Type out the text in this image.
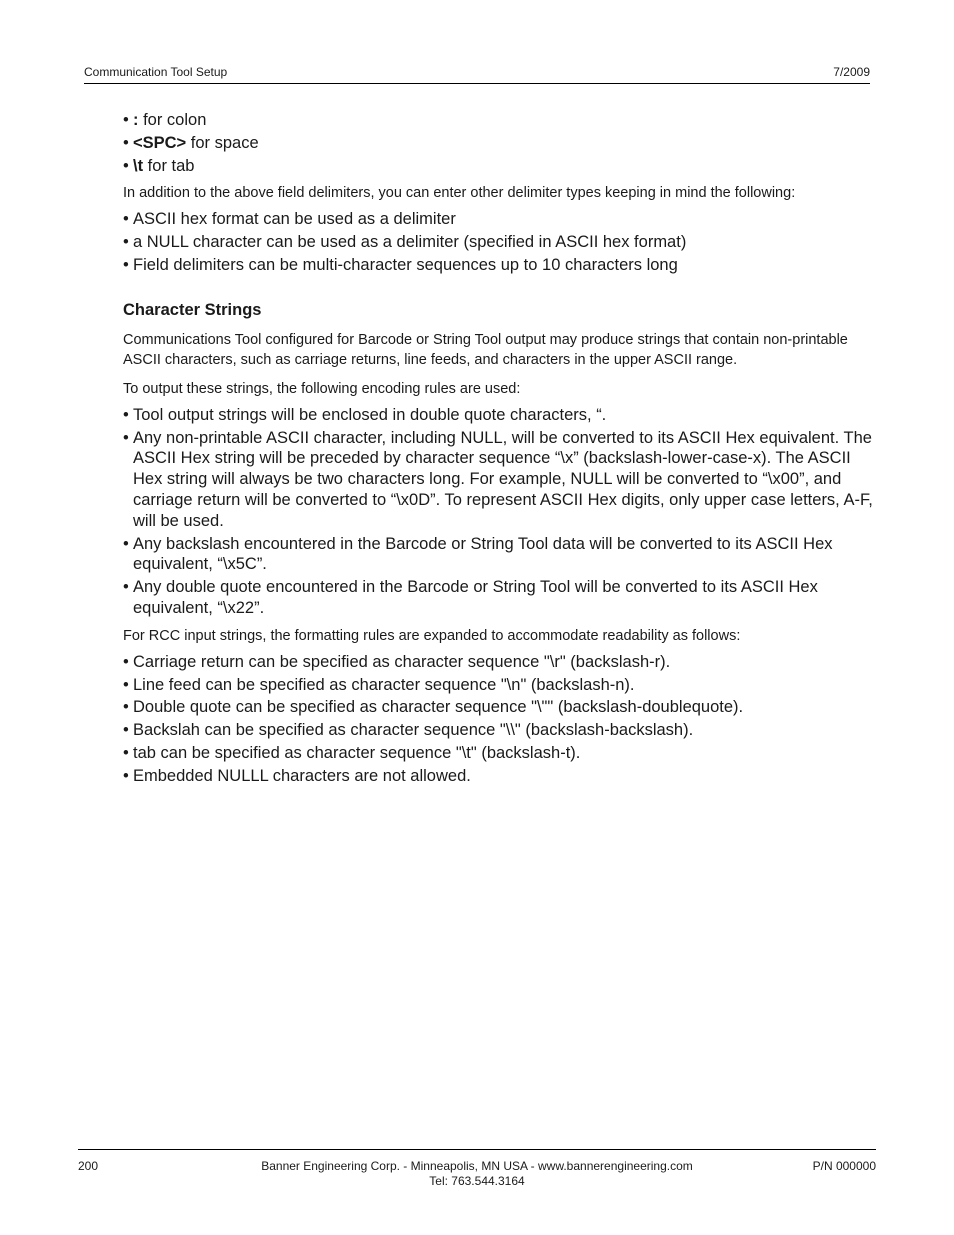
Communication Tool Setup	7/2009
• : for colon
• <SPC> for space
• \t for tab

In addition to the above field delimiters, you can enter other delimiter types keeping in mind the following:

• ASCII hex format can be used as a delimiter
• a NULL character can be used as a delimiter (specified in ASCII hex format)
• Field delimiters can be multi-character sequences up to 10 characters long
Character Strings

Communications Tool configured for Barcode or String Tool output may produce strings that contain non-printable ASCII characters, such as carriage returns, line feeds, and characters in the upper ASCII range.

To output these strings, the following encoding rules are used:

• Tool output strings will be enclosed in double quote characters, “.
• Any non-printable ASCII character, including NULL, will be converted to its ASCII Hex equivalent. The ASCII Hex string will be preceded by character sequence “\x” (backslash-lower-case-x). The ASCII Hex string will always be two characters long. For example, NULL will be converted to “\x00”, and carriage return will be converted to “\x0D”. To represent ASCII Hex digits, only upper case letters, A-F, will be used.
• Any backslash encountered in the Barcode or String Tool data will be converted to its ASCII Hex equivalent, “\x5C”.
• Any double quote encountered in the Barcode or String Tool will be converted to its ASCII Hex equivalent, “\x22”.

For RCC input strings, the formatting rules are expanded to accommodate readability as follows:

• Carriage return can be specified as character sequence "\r" (backslash-r).
• Line feed can be specified as character sequence "\n" (backslash-n).
• Double quote can be specified as character sequence "\"" (backslash-doublequote).
• Backslah can be specified as character sequence "\\" (backslash-backslash).
• tab can be specified as character sequence "\t" (backslash-t).
• Embedded NULLL characters are not allowed.
200	Banner Engineering Corp. - Minneapolis, MN USA - www.bannerengineering.com
Tel: 763.544.3164
P/N 000000
